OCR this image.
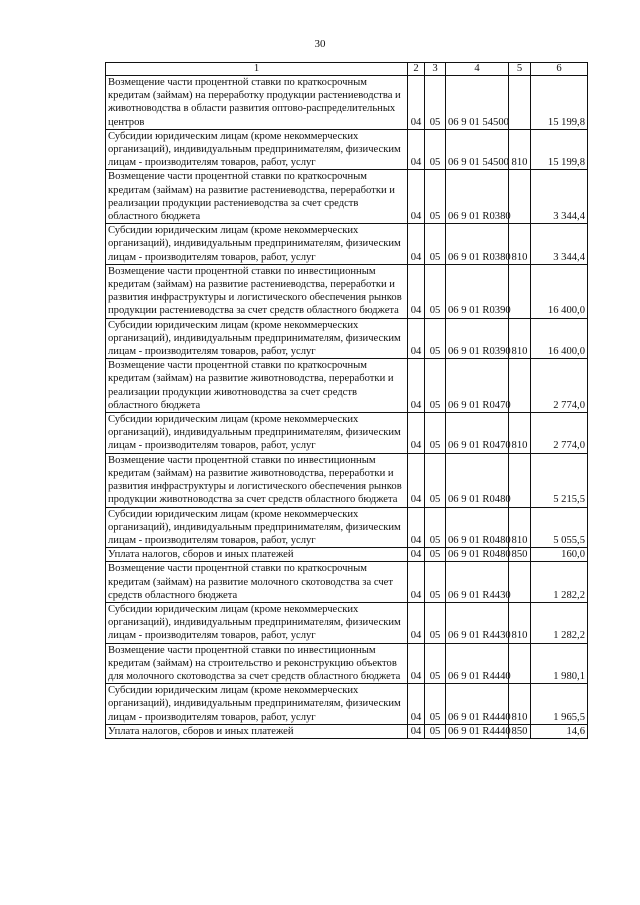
30
1	2	3	4	5	6
Возмещение части процентной ставки по краткосрочным кредитам (займам) на переработку продукции растениеводства и животноводства в области развития оптово-распределительных центров	04	05	06 9 01 54500		15 199,8
Субсидии юридическим лицам (кроме некоммерческих организаций), индивидуальным предпринимателям, физическим лицам - производителям товаров, работ, услуг	04	05	06 9 01 54500	810	15 199,8
Возмещение части процентной ставки по краткосрочным кредитам (займам) на развитие растениеводства, переработки и реализации продукции растениеводства за счет средств областного бюджета	04	05	06 9 01 R0380		3 344,4
Субсидии юридическим лицам (кроме некоммерческих организаций), индивидуальным предпринимателям, физическим лицам - производителям товаров, работ, услуг	04	05	06 9 01 R0380	810	3 344,4
Возмещение части процентной ставки по инвестиционным кредитам (займам) на развитие растениеводства, переработки и развития инфраструктуры и логистического обеспечения рынков продукции растениеводства за счет средств областного бюджета	04	05	06 9 01 R0390		16 400,0
Субсидии юридическим лицам (кроме некоммерческих организаций), индивидуальным предпринимателям, физическим лицам - производителям товаров, работ, услуг	04	05	06 9 01 R0390	810	16 400,0
Возмещение части процентной ставки по краткосрочным кредитам (займам) на развитие животноводства, переработки и реализации продукции животноводства за счет средств областного бюджета	04	05	06 9 01 R0470		2 774,0
Субсидии юридическим лицам (кроме некоммерческих организаций), индивидуальным предпринимателям, физическим лицам - производителям товаров, работ, услуг	04	05	06 9 01 R0470	810	2 774,0
Возмещение части процентной ставки по инвестиционным кредитам (займам) на развитие животноводства, переработки и развития инфраструктуры и логистического обеспечения рынков продукции животноводства за счет средств областного бюджета	04	05	06 9 01 R0480		5 215,5
Субсидии юридическим лицам (кроме некоммерческих организаций), индивидуальным предпринимателям, физическим лицам - производителям товаров, работ, услуг	04	05	06 9 01 R0480	810	5 055,5
Уплата налогов, сборов и иных платежей	04	05	06 9 01 R0480	850	160,0
Возмещение части процентной ставки по краткосрочным кредитам (займам) на развитие молочного скотоводства за счет средств областного бюджета	04	05	06 9 01 R4430		1 282,2
Субсидии юридическим лицам (кроме некоммерческих организаций), индивидуальным предпринимателям, физическим лицам - производителям товаров, работ, услуг	04	05	06 9 01 R4430	810	1 282,2
Возмещение части процентной ставки по инвестиционным кредитам (займам) на строительство и реконструкцию объектов для молочного скотоводства за счет средств областного бюджета	04	05	06 9 01 R4440		1 980,1
Субсидии юридическим лицам (кроме некоммерческих организаций), индивидуальным предпринимателям, физическим лицам - производителям товаров, работ, услуг	04	05	06 9 01 R4440	810	1 965,5
Уплата налогов, сборов и иных платежей	04	05	06 9 01 R4440	850	14,6
